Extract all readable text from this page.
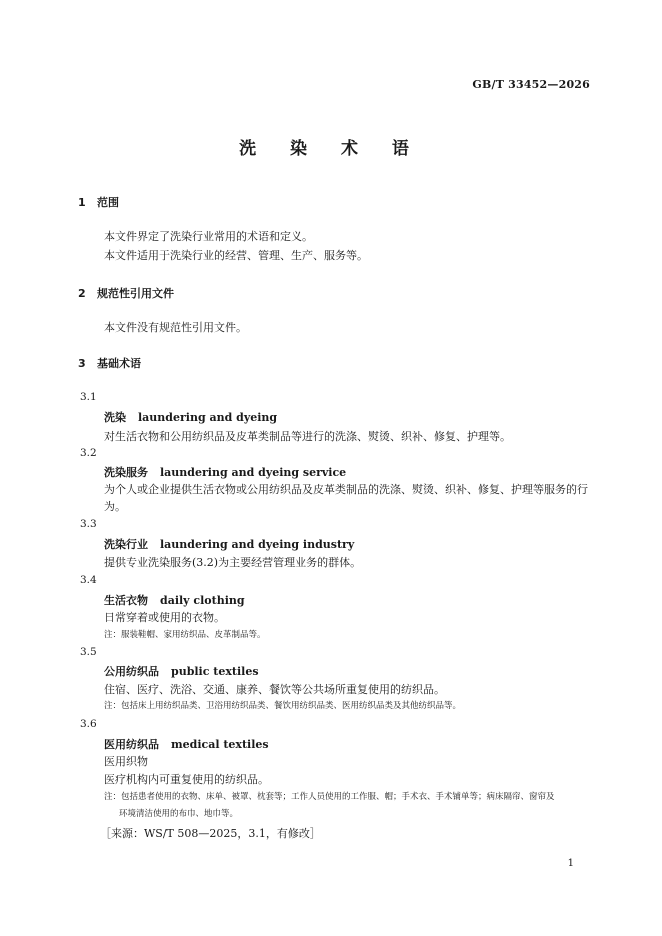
GB/T 33452—2026
洗 染 术 语
1 范围
本文件界定了洗染行业常用的术语和定义。
本文件适用于洗染行业的经营、管理、生产、服务等。
2 规范性引用文件
本文件没有规范性引用文件。
3 基础术语
3.1
洗染 laundering and dyeing
对生活衣物和公用纺织品及皮革类制品等进行的洗涤、熨烫、织补、修复、护理等。
3.2
洗染服务 laundering and dyeing service
为个人或企业提供生活衣物或公用纺织品及皮革类制品的洗涤、熨烫、织补、修复、护理等服务的行为。
3.3
洗染行业 laundering and dyeing industry
提供专业洗染服务(3.2)为主要经营管理业务的群体。
3.4
生活衣物 daily clothing
日常穿着或使用的衣物。
注：服装鞋帽、家用纺织品、皮革制品等。
3.5
公用纺织品 public textiles
住宿、医疗、洗浴、交通、康养、餐饮等公共场所重复使用的纺织品。
注：包括床上用纺织品类、卫浴用纺织品类、餐饮用纺织品类、医用纺织品类及其他纺织品等。
3.6
医用纺织品 medical textiles
医用织物
医疗机构内可重复使用的纺织品。
注：包括患者使用的衣物、床单、被罩、枕套等；工作人员使用的工作服、帽；手术衣、手术铺单等；病床隔帘、窗帘及
环境清洁使用的布巾、地巾等。
［来源：WS/T 508—2025，3.1，有修改］
1
